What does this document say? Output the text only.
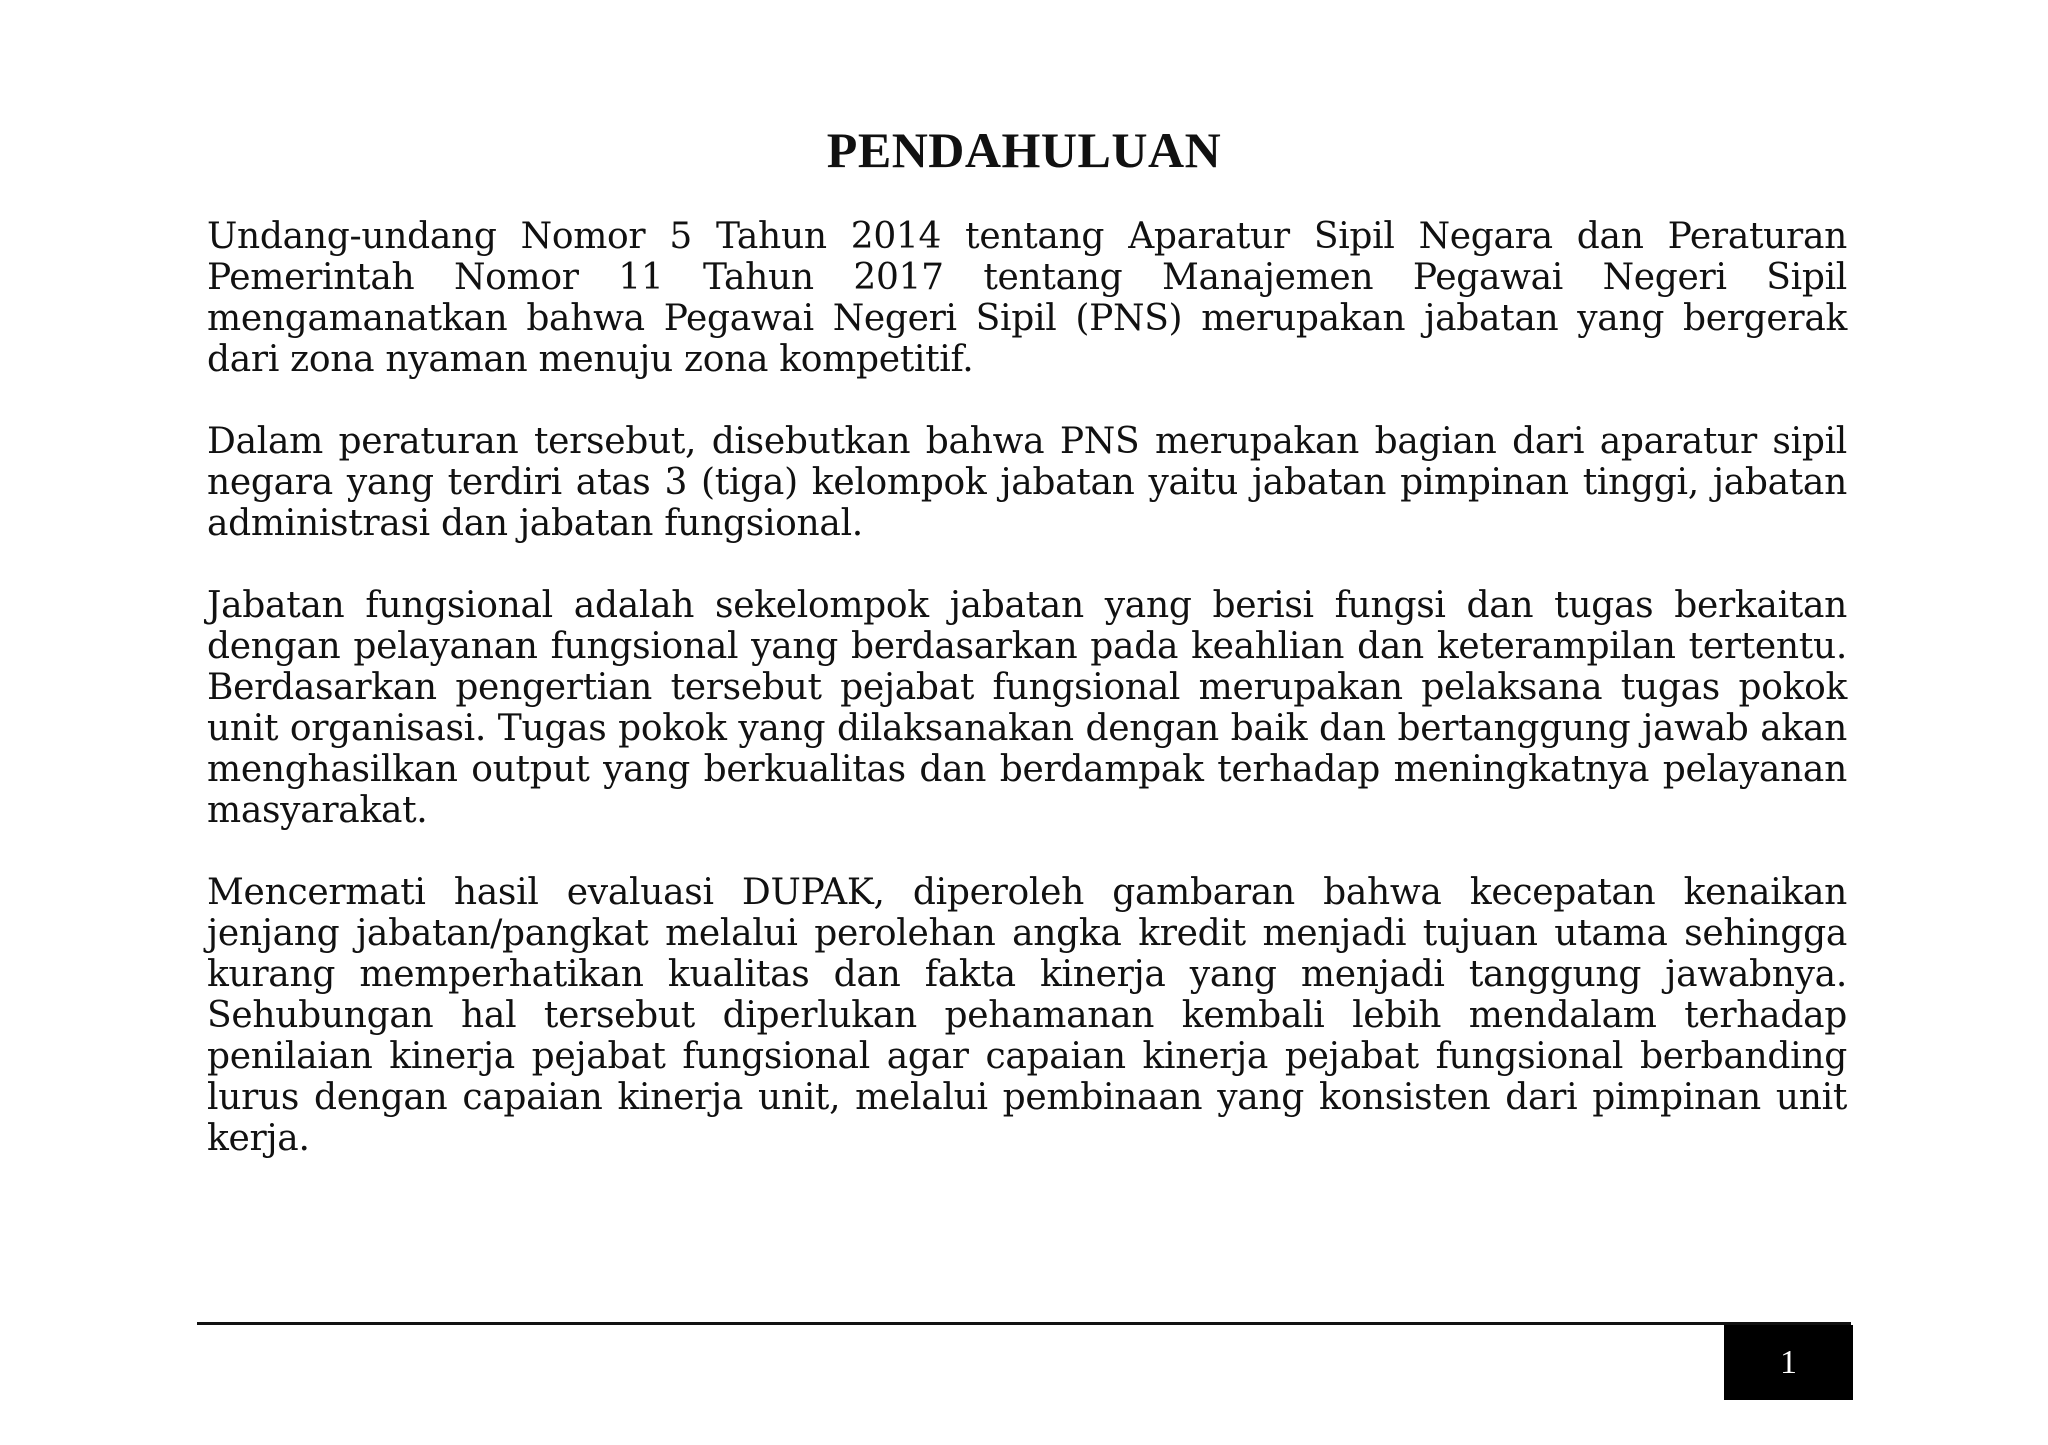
PENDAHULUAN

Undang-undang Nomor 5 Tahun 2014 tentang Aparatur Sipil Negara dan Peraturan Pemerintah Nomor 11 Tahun 2017 tentang Manajemen Pegawai Negeri Sipil mengamanatkan bahwa Pegawai Negeri Sipil (PNS) merupakan jabatan yang bergerak dari zona nyaman menuju zona kompetitif.

Dalam peraturan tersebut, disebutkan bahwa PNS merupakan bagian dari aparatur sipil negara yang terdiri atas 3 (tiga) kelompok jabatan yaitu jabatan pimpinan tinggi, jabatan administrasi dan jabatan fungsional.

Jabatan fungsional adalah sekelompok jabatan yang berisi fungsi dan tugas berkaitan dengan pelayanan fungsional yang berdasarkan pada keahlian dan keterampilan tertentu. Berdasarkan pengertian tersebut pejabat fungsional merupakan pelaksana tugas pokok unit organisasi. Tugas pokok yang dilaksanakan dengan baik dan bertanggung jawab akan menghasilkan output yang berkualitas dan berdampak terhadap meningkatnya pelayanan masyarakat.

Mencermati hasil evaluasi DUPAK, diperoleh gambaran bahwa kecepatan kenaikan jenjang jabatan/pangkat melalui perolehan angka kredit menjadi tujuan utama sehingga kurang memperhatikan kualitas dan fakta kinerja yang menjadi tanggung jawabnya. Sehubungan hal tersebut diperlukan pehamanan kembali lebih mendalam terhadap penilaian kinerja pejabat fungsional agar capaian kinerja pejabat fungsional berbanding lurus dengan capaian kinerja unit, melalui pembinaan yang konsisten dari pimpinan unit kerja.

1
